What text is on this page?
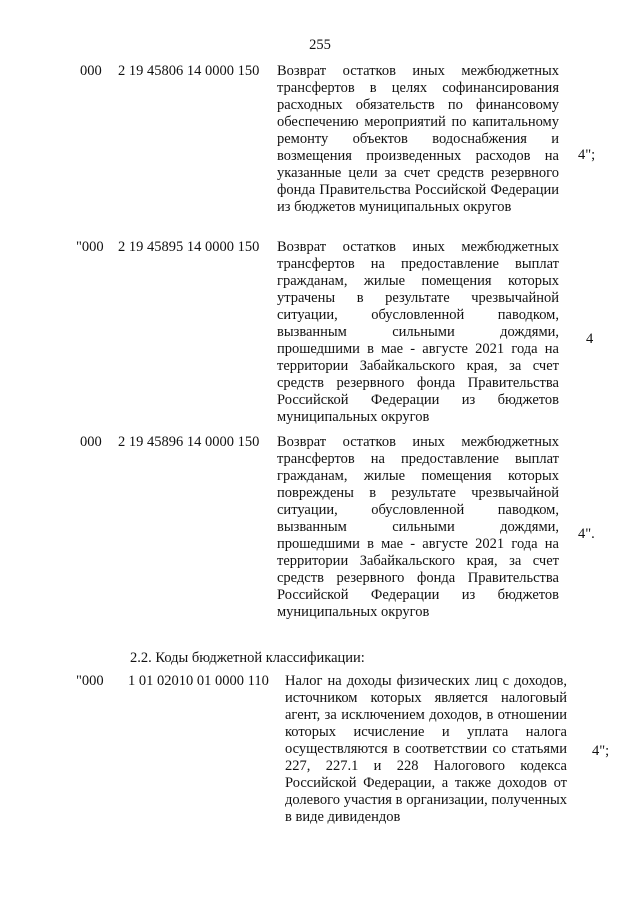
255
000 2 19 45806 14 0000 150 Возврат остатков иных межбюджетных трансфертов в целях софинансирования расходных обязательств по финансовому обеспечению мероприятий по капитальному ремонту объектов водоснабжения и возмещения произведенных расходов на указанные цели за счет средств резервного фонда Правительства Российской Федерации из бюджетов муниципальных округов
4";
"000 2 19 45895 14 0000 150 Возврат остатков иных межбюджетных трансфертов на предоставление выплат гражданам, жилые помещения которых утрачены в результате чрезвычайной ситуации, обусловленной паводком, вызванным сильными дождями, прошедшими в мае - августе 2021 года на территории Забайкальского края, за счет средств резервного фонда Правительства Российской Федерации из бюджетов муниципальных округов
4
000 2 19 45896 14 0000 150 Возврат остатков иных межбюджетных трансфертов на предоставление выплат гражданам, жилые помещения которых повреждены в результате чрезвычайной ситуации, обусловленной паводком, вызванным сильными дождями, прошедшими в мае - августе 2021 года на территории Забайкальского края, за счет средств резервного фонда Правительства Российской Федерации из бюджетов муниципальных округов
4".
2.2. Коды бюджетной классификации:
"000 1 01 02010 01 0000 110 Налог на доходы физических лиц с доходов, источником которых является налоговый агент, за исключением доходов, в отношении которых исчисление и уплата налога осуществляются в соответствии со статьями 227, 227.1 и 228 Налогового кодекса Российской Федерации, а также доходов от долевого участия в организации, полученных в виде дивидендов
4";
